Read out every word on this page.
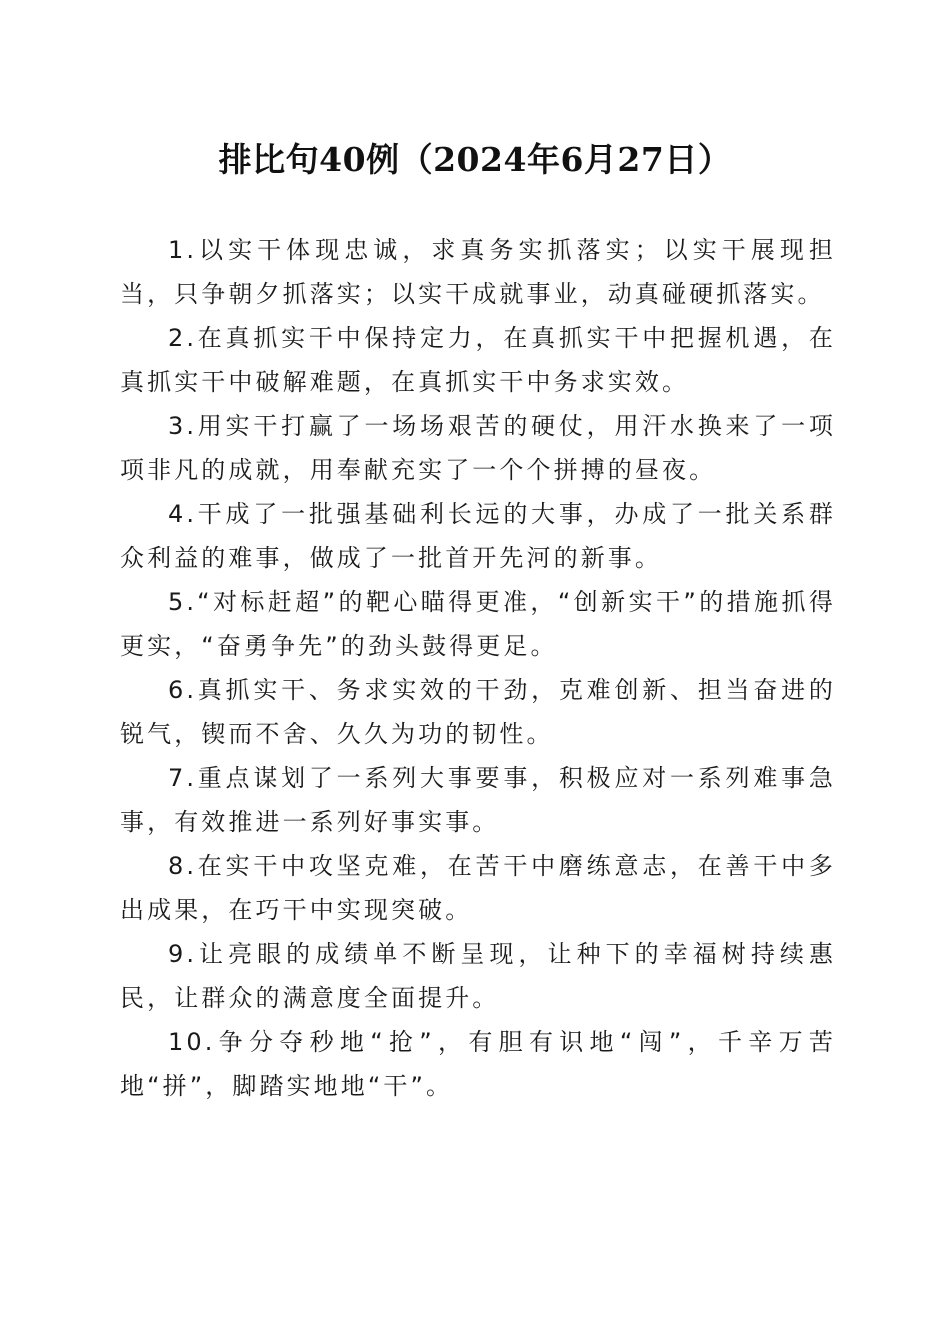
排比句40例（2024年6月27日）

1.以实干体现忠诚，求真务实抓落实；以实干展现担当，只争朝夕抓落实；以实干成就事业，动真碰硬抓落实。

2.在真抓实干中保持定力，在真抓实干中把握机遇，在真抓实干中破解难题，在真抓实干中务求实效。

3.用实干打赢了一场场艰苦的硬仗，用汗水换来了一项项非凡的成就，用奉献充实了一个个拼搏的昼夜。

4.干成了一批强基础利长远的大事，办成了一批关系群众利益的难事，做成了一批首开先河的新事。

5.“对标赶超”的靶心瞄得更准，“创新实干”的措施抓得更实，“奋勇争先”的劲头鼓得更足。

6.真抓实干、务求实效的干劲，克难创新、担当奋进的锐气，锲而不舍、久久为功的韧性。

7.重点谋划了一系列大事要事，积极应对一系列难事急事，有效推进一系列好事实事。

8.在实干中攻坚克难，在苦干中磨练意志，在善干中多出成果，在巧干中实现突破。

9.让亮眼的成绩单不断呈现，让种下的幸福树持续惠民，让群众的满意度全面提升。

10.争分夺秒地“抢”，有胆有识地“闯”，千辛万苦地“拼”，脚踏实地地“干”。
